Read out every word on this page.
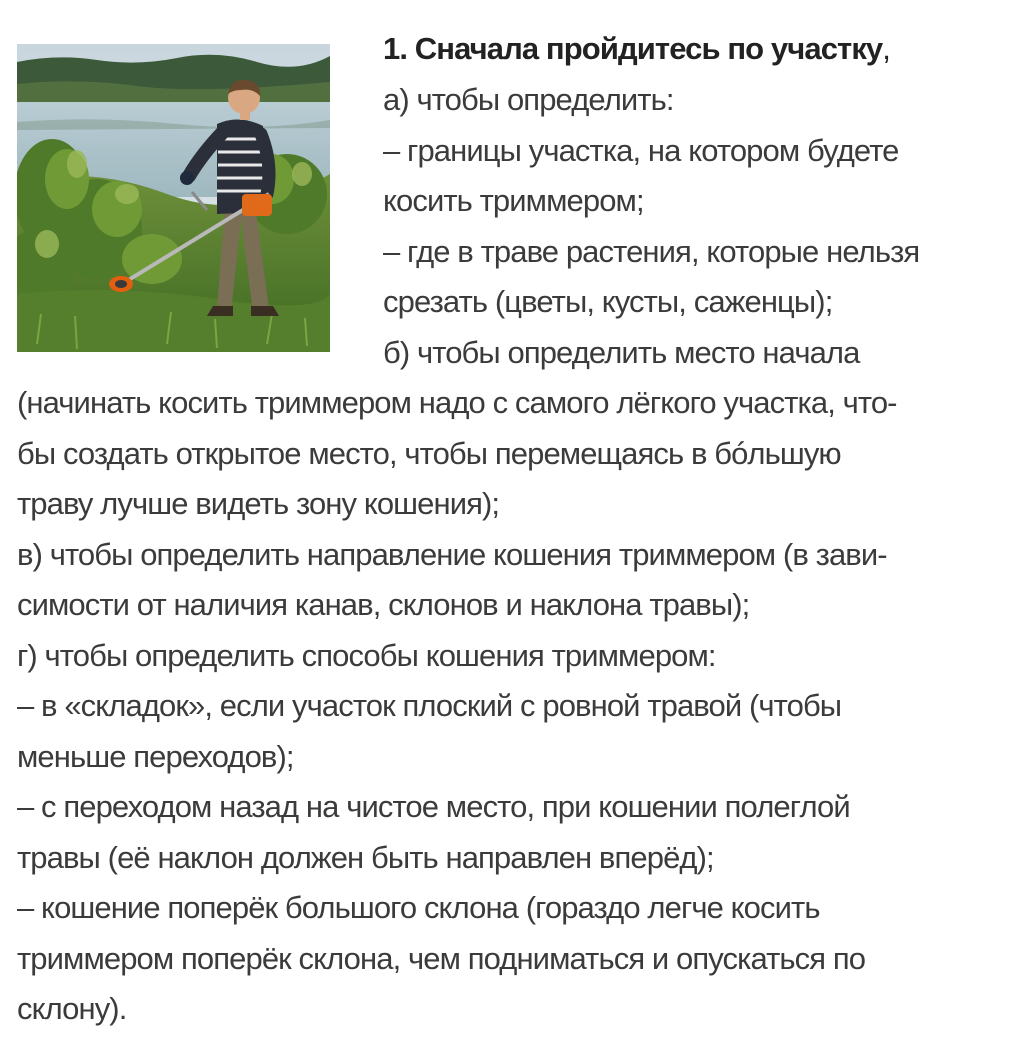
1. Сначала пройдитесь по участку,
а) чтобы определить:
– границы участка, на котором будете
косить триммером;
– где в траве растения, которые нельзя
срезать (цветы, кусты, саженцы);
б) чтобы определить место начала
(начинать косить триммером надо с самого лёгкого участка, что-
бы создать открытое место, чтобы перемещаясь в бóльшую
траву лучше видеть зону кошения);
в) чтобы определить направление кошения триммером (в зави-
симости от наличия канав, склонов и наклона травы);
г) чтобы определить способы кошения триммером:
– в «складок», если участок плоский с ровной травой (чтобы
меньше переходов);
– с переходом назад на чистое место, при кошении полеглой
травы (её наклон должен быть направлен вперёд);
– кошение поперёк большого склона (гораздо легче косить
триммером поперёк склона, чем подниматься и опускаться по
склону).
